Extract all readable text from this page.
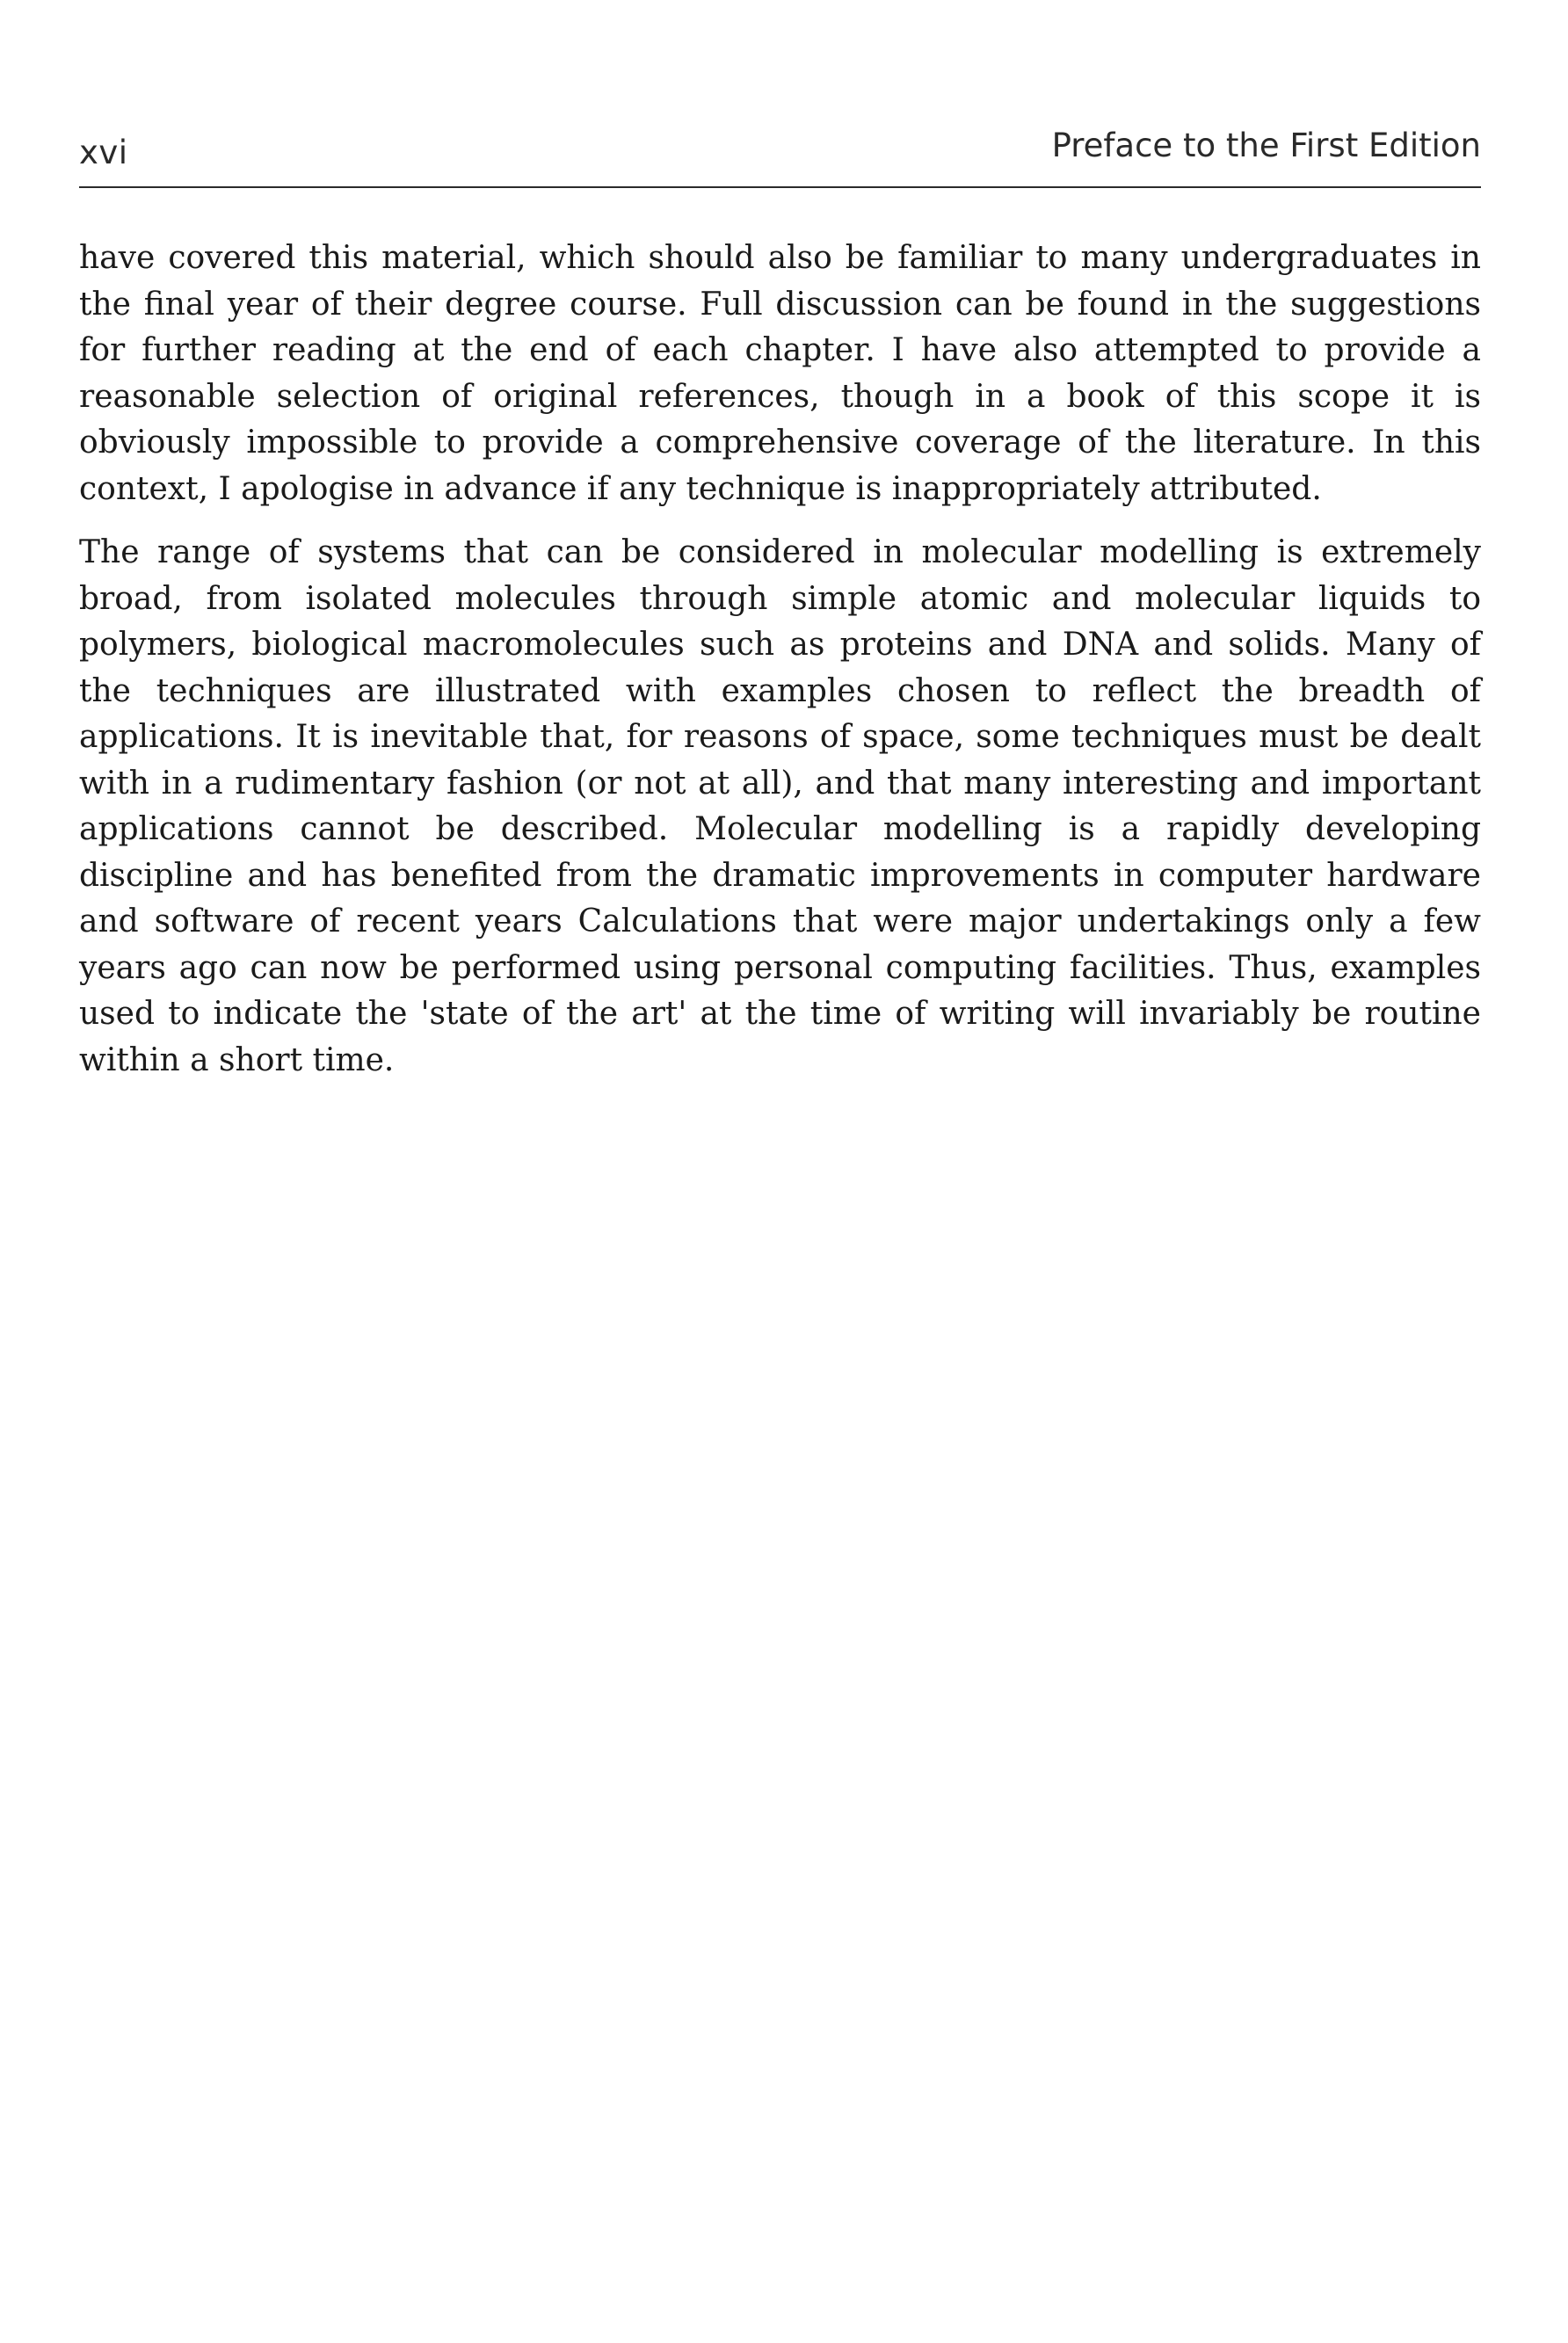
xvi	Preface to the First Edition

have covered this material, which should also be familiar to many undergraduates in the final year of their degree course. Full discussion can be found in the suggestions for further reading at the end of each chapter. I have also attempted to provide a reasonable selection of original references, though in a book of this scope it is obviously impossible to provide a comprehensive coverage of the literature. In this context, I apologise in advance if any technique is inappropriately attributed.

The range of systems that can be considered in molecular modelling is extremely broad, from isolated molecules through simple atomic and molecular liquids to polymers, biological macromolecules such as proteins and DNA and solids. Many of the techniques are illustrated with examples chosen to reflect the breadth of applications. It is inevitable that, for reasons of space, some techniques must be dealt with in a rudimentary fashion (or not at all), and that many interesting and important applications cannot be described. Molecular modelling is a rapidly developing discipline and has benefited from the dramatic improvements in computer hardware and software of recent years Calculations that were major undertakings only a few years ago can now be performed using personal computing facilities. Thus, examples used to indicate the 'state of the art' at the time of writing will invariably be routine within a short time.
